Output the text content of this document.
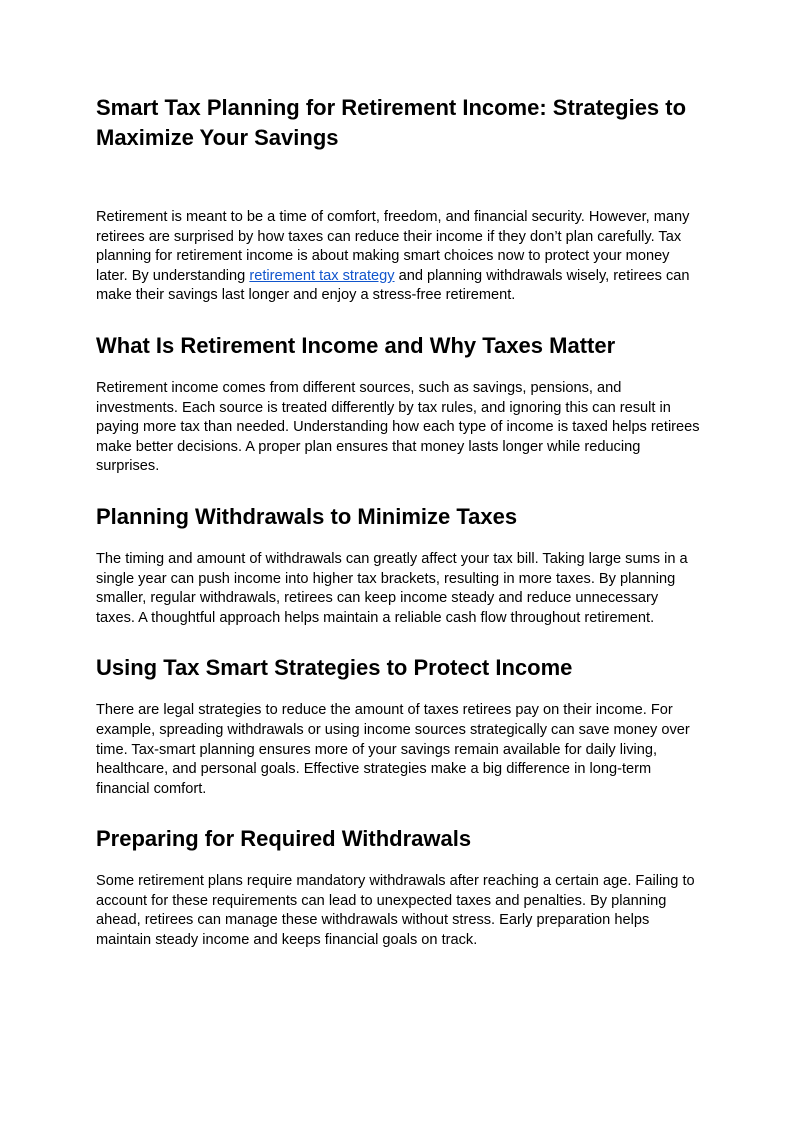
Smart Tax Planning for Retirement Income: Strategies to Maximize Your Savings

Retirement is meant to be a time of comfort, freedom, and financial security. However, many retirees are surprised by how taxes can reduce their income if they don’t plan carefully. Tax planning for retirement income is about making smart choices now to protect your money later. By understanding retirement tax strategy and planning withdrawals wisely, retirees can make their savings last longer and enjoy a stress-free retirement.

What Is Retirement Income and Why Taxes Matter

Retirement income comes from different sources, such as savings, pensions, and investments. Each source is treated differently by tax rules, and ignoring this can result in paying more tax than needed. Understanding how each type of income is taxed helps retirees make better decisions. A proper plan ensures that money lasts longer while reducing surprises.

Planning Withdrawals to Minimize Taxes

The timing and amount of withdrawals can greatly affect your tax bill. Taking large sums in a single year can push income into higher tax brackets, resulting in more taxes. By planning smaller, regular withdrawals, retirees can keep income steady and reduce unnecessary taxes. A thoughtful approach helps maintain a reliable cash flow throughout retirement.

Using Tax Smart Strategies to Protect Income

There are legal strategies to reduce the amount of taxes retirees pay on their income. For example, spreading withdrawals or using income sources strategically can save money over time. Tax-smart planning ensures more of your savings remain available for daily living, healthcare, and personal goals. Effective strategies make a big difference in long-term financial comfort.

Preparing for Required Withdrawals

Some retirement plans require mandatory withdrawals after reaching a certain age. Failing to account for these requirements can lead to unexpected taxes and penalties. By planning ahead, retirees can manage these withdrawals without stress. Early preparation helps maintain steady income and keeps financial goals on track.
